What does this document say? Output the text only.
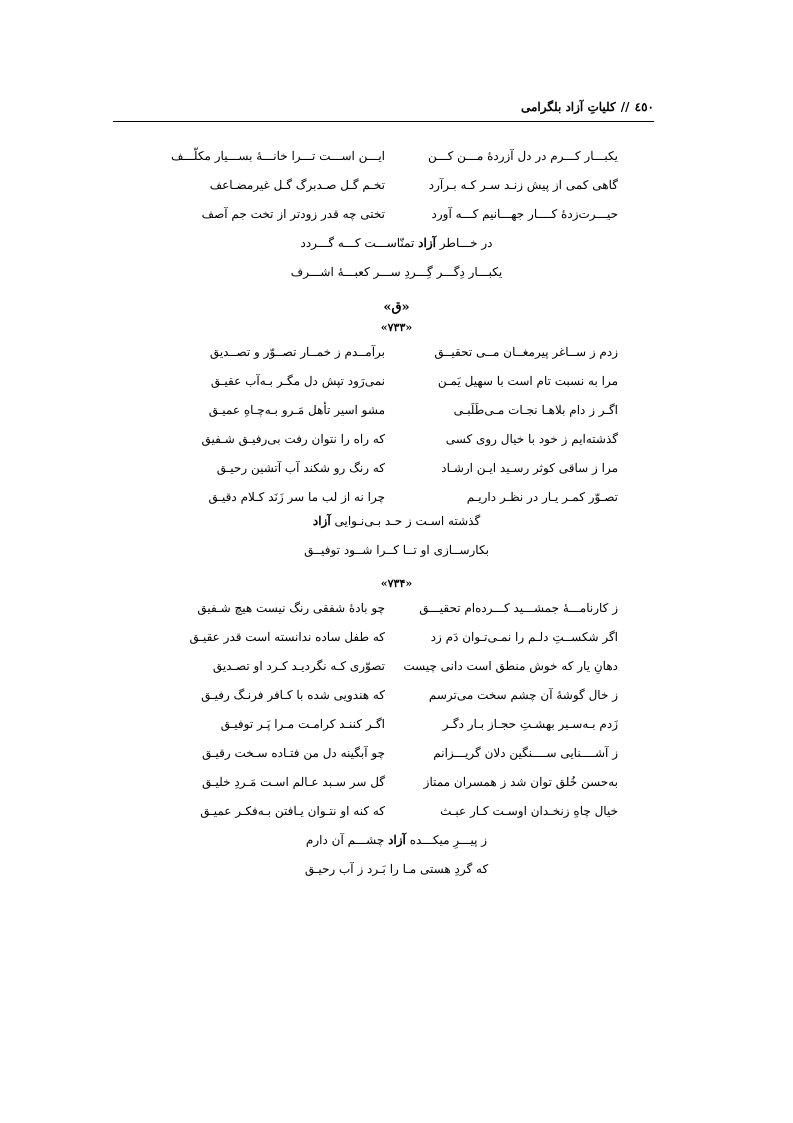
٤٥٠ // کلیاتِ آزاد بلگرامی
یکبـــار کـــرم در دل آزردهٔ مـــن کـــن
ایـــن اســـت تـــرا خانـــهٔ بســـیار مکلّـــف
گاهی کمی از پیش زنـد سـر کـه بـرآرد
تخـم گـل صـدبرگ گـل غیرمضـاعف
حیـــرت‌زدهٔ کــــار جهـــانیم کـــه آورد
تختی چه قدر زودتر از تخت جم آصف
در خـــاطر آزاد تمنّاســـت کـــه گـــردد
یکبـــار دِگـــر گِـــردِ ســـر کعبـــهٔ اشـــرف
«ق»
«۷۳۳»
زدم ز ســاغر پیرمغــان مــی تحقیــق
برآمــدم ز خمــار تصــوّر و تصــدیق
مرا به نسبت تام است با سهیل یَمـن
نمی‌رَود تپش دل مگـر بـه‌آب عقیـق
اگـر ز دام بلاهـا نجـات مـی‌طَلَبـی
مشو اسیر تأهل مَـرو بـه‌چـاهِ عمیـق
گذشته‌ایم ز خود با خیال روی کسی
که راه را نتوان رفت بی‌رفیـق شـفیق
مرا ز ساقی کوثر رسـید ایـن ارشـاد
که رنگ رو شکند آب آتشین رحیـق
تصـوّر کمـر یـار در نظـر داریـم
چرا نه از لب ما سر زَنَد کـلام دقیـق
گذشته اسـت ز حـد بـی‌نـوایی آزاد
بکارســازی او تــا کــرا شــود توفیــق
«۷۳۴»
ز کارنامـــهٔ جمشـــید کـــرده‌ام تحقیـــق
چو بادهٔ شفقی رنگ نیست هیچ شـفیق
اگر شکســتِ دلـم را نمـی‌تـوان دَم زد
که طفل ساده ندانسته است قدر عقیـق
دهانِ یار که خوش منطق است دانی چیست
تصوّری کـه نگردیـد کـرد او تصـدیق
ز خال گوشهٔ آن چشم سخت می‌ترسم
که هندویی شده با کـافر فرنـگ رفیـق
زَدم بـه‌سـیر بهشـتِ حجـاز بـار دگـر
اگـر کننـد کرامـت مـرا پَـر توفیـق
ز آشــــنایی ســــنگین دلان گریـــزانم
چو آبگینه دل من فتـاده سـخت رقیـق
به‌حسن خُلق توان شد ز همسران ممتاز
گل سر سـبد عـالم اسـت مَـردِ خلیـق
خیال چاهِ زنخـدان اوسـت کـار عبـث
که کنه او نتـوان یـافتن بـه‌فکـر عمیـق
ز پیـــرِ میکـــده آزاد چشـــم آن دارم
که گردِ هستی مـا را بَـرد ز آب رحیـق
